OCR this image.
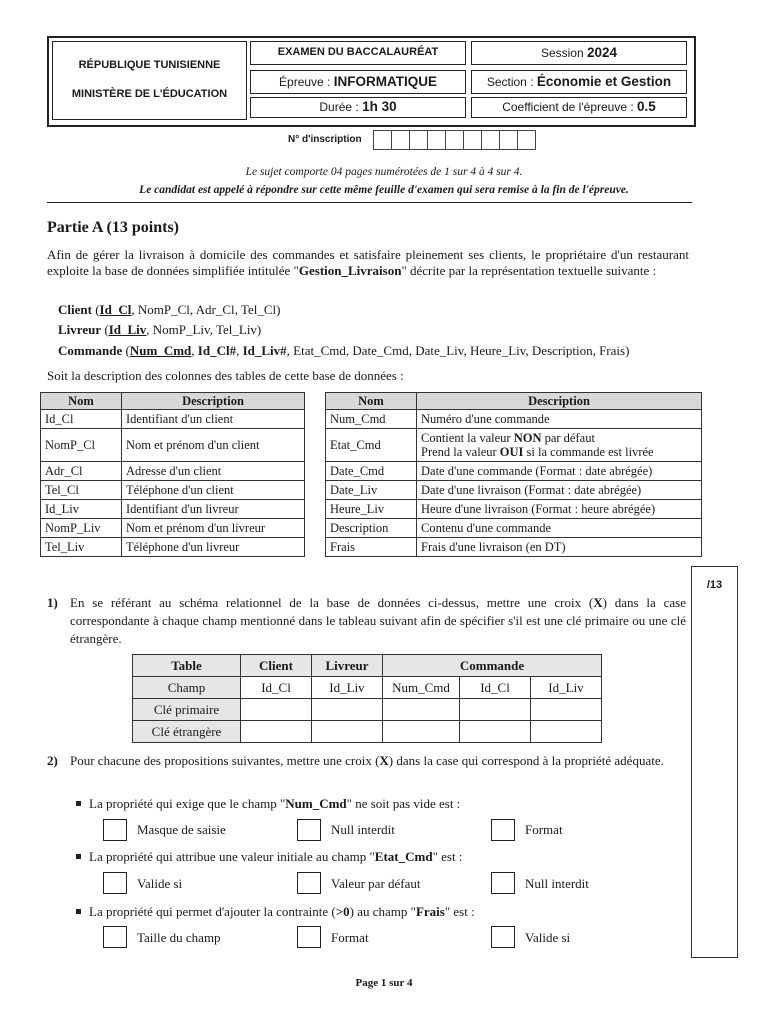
RÉPUBLIQUE TUNISIENNE
MINISTÈRE DE L'ÉDUCATION
EXAMEN DU BACCALAURÉAT	Session 2024
Épreuve : INFORMATIQUE	Section : Économie et Gestion
Durée : 1h 30	Coefficient de l'épreuve : 0.5
N° d'inscription
Le sujet comporte 04 pages numérotées de 1 sur 4 à 4 sur 4.
Le candidat est appelé à répondre sur cette même feuille d'examen qui sera remise à la fin de l'épreuve.
Partie A (13 points)
Afin de gérer la livraison à domicile des commandes et satisfaire pleinement ses clients, le propriétaire d'un restaurant exploite la base de données simplifiée intitulée "Gestion_Livraison" décrite par la représentation textuelle suivante :
Client (Id_Cl, NomP_Cl, Adr_Cl, Tel_Cl)
Livreur (Id_Liv, NomP_Liv, Tel_Liv)
Commande (Num_Cmd, Id_Cl#, Id_Liv#, Etat_Cmd, Date_Cmd, Date_Liv, Heure_Liv, Description, Frais)
Soit la description des colonnes des tables de cette base de données :
Nom	Description
Id_Cl	Identifiant d'un client
NomP_Cl	Nom et prénom d'un client
Adr_Cl	Adresse d'un client
Tel_Cl	Téléphone d'un client
Id_Liv	Identifiant d'un livreur
NomP_Liv	Nom et prénom d'un livreur
Tel_Liv	Téléphone d'un livreur
Nom	Description
Num_Cmd	Numéro d'une commande
Etat_Cmd	Contient la valeur NON par défaut
Prend la valeur OUI si la commande est livrée

Date_Cmd	Date d'une commande (Format : date abrégée)
Date_Liv	Date d'une livraison (Format : date abrégée)
Heure_Liv	Heure d'une livraison (Format : heure abrégée)
Description	Contenu d'une commande
Frais	Frais d'une livraison (en DT)
/13
1) En se référant au schéma relationnel de la base de données ci-dessus, mettre une croix (X) dans la case correspondante à chaque champ mentionné dans le tableau suivant afin de spécifier s'il est une clé primaire ou une clé étrangère.
Table	Client	Livreur	Commande		
Champ	Id_Cl	Id_Liv	Num_Cmd	Id_Cl	Id_Liv
Clé primaire					
Clé étrangère					
2) Pour chacune des propositions suivantes, mettre une croix (X) dans la case qui correspond à la propriété adéquate.
La propriété qui exige que le champ "Num_Cmd" ne soit pas vide est :
Masque de saisie	Null interdit	Format
La propriété qui attribue une valeur initiale au champ "Etat_Cmd" est :
Valide si	Valeur par défaut	Null interdit
La propriété qui permet d'ajouter la contrainte (>0) au champ "Frais" est :
Taille du champ	Format	Valide si
Page 1 sur 4
